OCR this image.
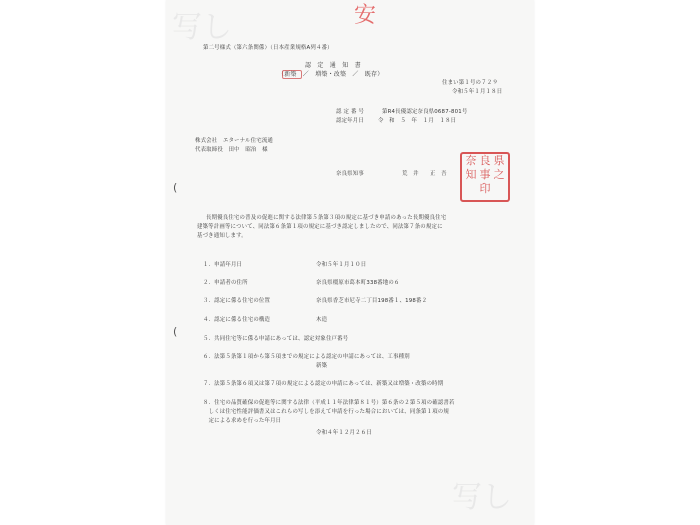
写し
写し
安
第二号様式（第六条関係）（日本産業規格A列４番）
認　定　通　知　書
（新築　／　増築・改築　／　既存）
住まい第１号の７２９
令和５年１月１８日
認 定 番 号	第R4長優認定奈良県0687-801号
認定年月日	令　和　５　年　１月　１８日
株式会社　エターナル住宅流通
代表取締役　田中　昭治　様
奈良県知事	荒　井　　正　吾
奈 良 県
知 事 之
印
(
(
長期優良住宅の普及の促進に関する法律第５条第３項の規定に基づき申請のあった長期優良住宅
建築等計画等について、同法第６条第１項の規定に基づき認定しましたので、同法第７条の規定に
基づき通知します。
１．申請年月日	令和５年１月１０日
２．申請者の住所	奈良県橿原市葛本町338番地の６
３．認定に係る住宅の位置	奈良県香芝市尼寺二丁目198番１、198番２
４．認定に係る住宅の構造	木造
５．共同住宅等に係る申請にあっては、認定対象住戸番号
６．法第５条第１項から第５項までの規定による認定の申請にあっては、工事種別
新築
７．法第５条第６項又は第７項の規定による認定の申請にあっては、新築又は増築・改築の時期
８．住宅の品質確保の促進等に関する法律（平成１１年法律第８１号）第６条の２第５項の確認書若
　しくは住宅性能評価書又はこれらの写しを添えて申請を行った場合においては、同条第１項の規
　定による求めを行った年月日
令和４年１２月２６日
